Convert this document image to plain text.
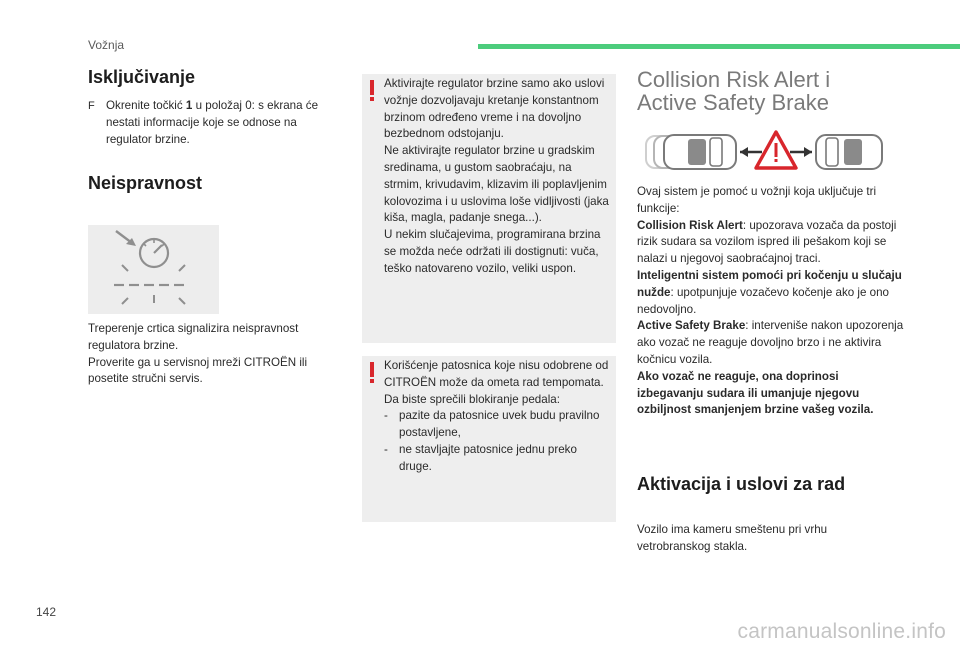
Vožnja
Isključivanje
F Okrenite točkić 1 u položaj 0: s ekrana će nestati informacije koje se odnose na regulator brzine.
Neispravnost

Treperenje crtica signalizira neispravnost regulatora brzine.

Proverite ga u servisnoj mreži CITROËN ili posetite stručni servis.

Aktivirajte regulator brzine samo ako uslovi vožnje dozvoljavaju kretanje konstantnom brzinom određeno vreme i na dovoljno bezbednom odstojanju.

Ne aktivirajte regulator brzine u gradskim sredinama, u gustom saobraćaju, na strmim, krivudavim, klizavim ili poplavljenim kolovozima i u uslovima loše vidljivosti (jaka kiša, magla, padanje snega...).

U nekim slučajevima, programirana brzina se možda neće održati ili dostignuti: vuča, teško natovareno vozilo, veliki uspon.

Korišćenje patosnica koje nisu odobrene od CITROËN može da ometa rad tempomata.

Da biste sprečili blokiranje pedala:

- pazite da patosnice uvek budu pravilno postavljene,
- ne stavljajte patosnice jednu preko druge.
Collision Risk Alert i
Active Safety Brake

Ovaj sistem je pomoć u vožnji koja uključuje tri funkcije:

Collision Risk Alert: upozorava vozača da postoji rizik sudara sa vozilom ispred ili pešakom koji se nalazi u njegovoj saobraćajnoj traci.

Inteligentni sistem pomoći pri kočenju u slučaju nužde: upotpunjuje vozačevo kočenje ako je ono nedovoljno.

Active Safety Brake: interveniše nakon upozorenja ako vozač ne reaguje dovoljno brzo i ne aktivira kočnicu vozila.

Ako vozač ne reaguje, ona doprinosi izbegavanju sudara ili umanjuje njegovu ozbiljnost smanjenjem brzine vašeg vozila.

Aktivacija i uslovi za rad

Vozilo ima kameru smeštenu pri vrhu vetrobranskog stakla.

142
carmanualsonline.info
